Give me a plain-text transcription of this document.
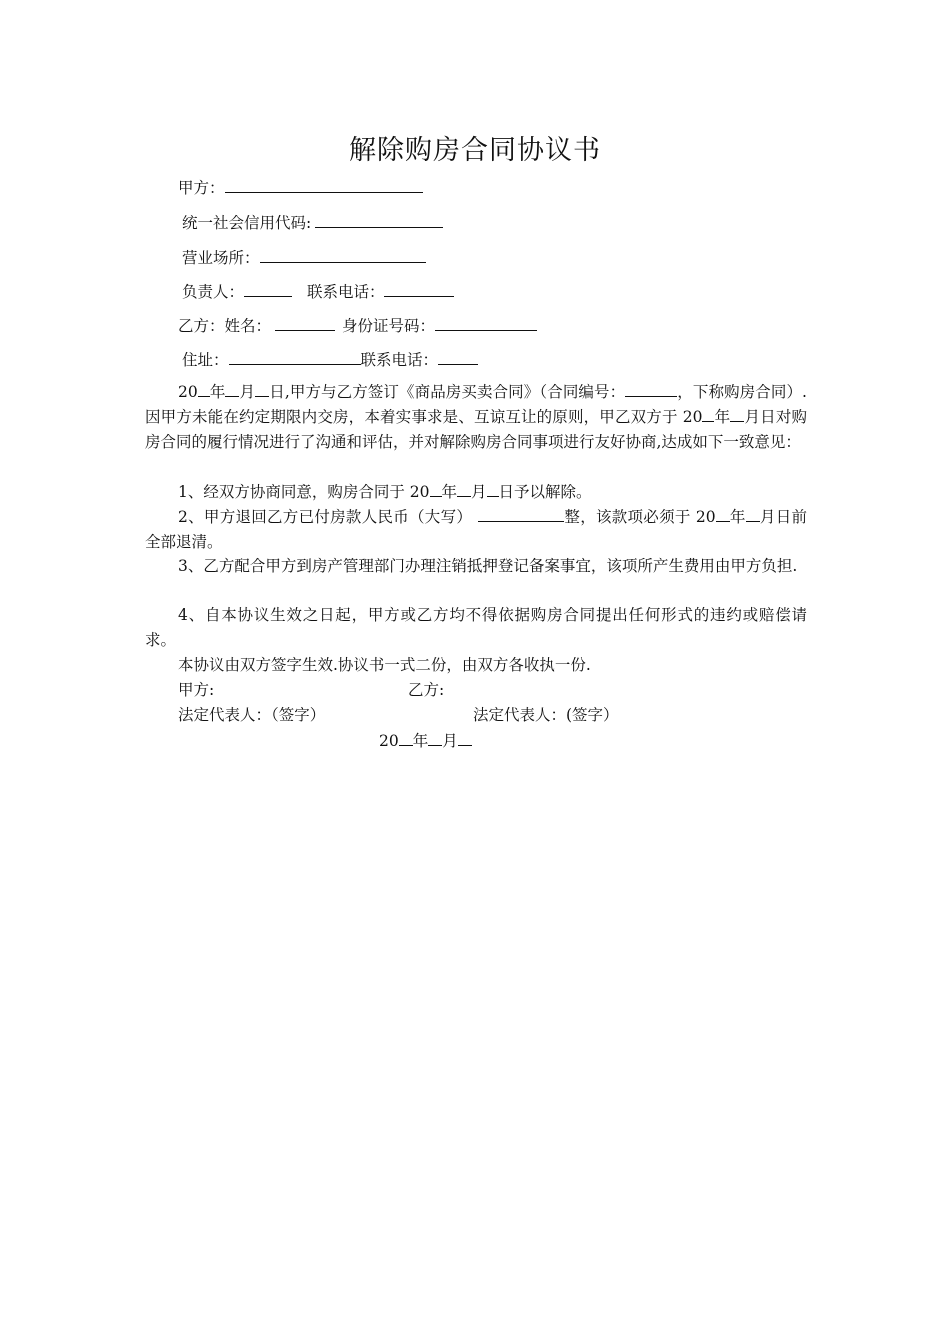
解除购房合同协议书
甲方：
统一社会信用代码:
营业场所：
负责人：	联系电话：
乙方：姓名：	身份证号码：
住址：	联系电话：
20 年 月 日,甲方与乙方签订《商品房买卖合同》（合同编号：	，下称购房合同）.因甲方未能在约定期限内交房，本着实事求是、互谅互让的原则，甲乙双方于 20 年 月日对购房合同的履行情况进行了沟通和评估，并对解除购房合同事项进行友好协商,达成如下一致意见：
1、经双方协商同意，购房合同于 20 年 月 日予以解除。
2、甲方退回乙方已付房款人民币（大写）	整，该款项必须于 20 年 月日前全部退清。
3、乙方配合甲方到房产管理部门办理注销抵押登记备案事宜，该项所产生费用由甲方负担.
4、自本协议生效之日起，甲方或乙方均不得依据购房合同提出任何形式的违约或赔偿请求。
本协议由双方签字生效.协议书一式二份，由双方各收执一份.
甲方:	乙方:
法定代表人：（签字）	法定代表人：(签字）
20 年 月
